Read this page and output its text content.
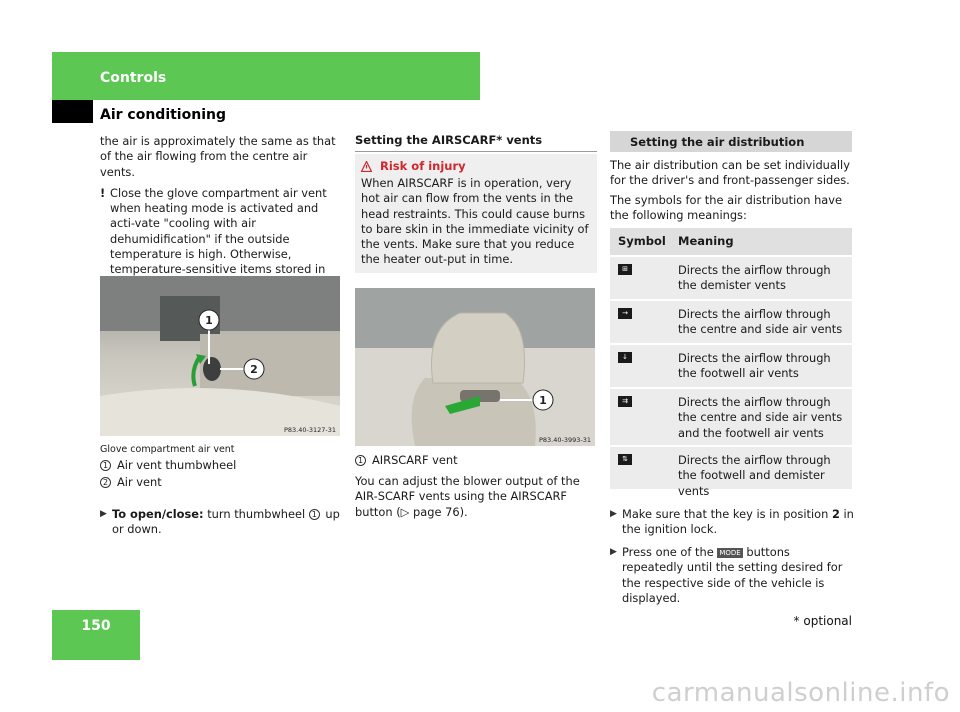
Controls
Air conditioning
the air is approximately the same as that of the air flowing from the centre air vents.
! Close the glove compartment air vent when heating mode is activated and acti-vate "cooling with air dehumidification" if the outside temperature is high. Otherwise, temperature-sensitive items stored in
1
2
P83.40-3127-31
Glove compartment air vent
1 Air vent thumbwheel
2 Air vent
▶ To open/close: turn thumbwheel 1 up or down.
Setting the AIRSCARF* vents
Risk of injury
When AIRSCARF is in operation, very hot air can flow from the vents in the head restraints. This could cause burns to bare skin in the immediate vicinity of the vents. Make sure that you reduce the heater out-put in time.
1
P83.40-3993-31
1 AIRSCARF vent
You can adjust the blower output of the AIR-SCARF vents using the AIRSCARF button (▷ page 76).
Setting the air distribution
The air distribution can be set individually for the driver's and front-passenger sides.
The symbols for the air distribution have the following meanings:
Symbol	Meaning
⊞	Directs the airflow through the demister vents
→	Directs the airflow through the centre and side air vents
↓	Directs the airflow through the footwell air vents
⇉	Directs the airflow through the centre and side air vents and the footwell air vents
⇅	Directs the airflow through the footwell and demister vents
▶ Make sure that the key is in position 2 in the ignition lock.
▶ Press one of the MODE buttons repeatedly until the setting desired for the respective side of the vehicle is displayed.
150	* optional
carmanualsonline.info
